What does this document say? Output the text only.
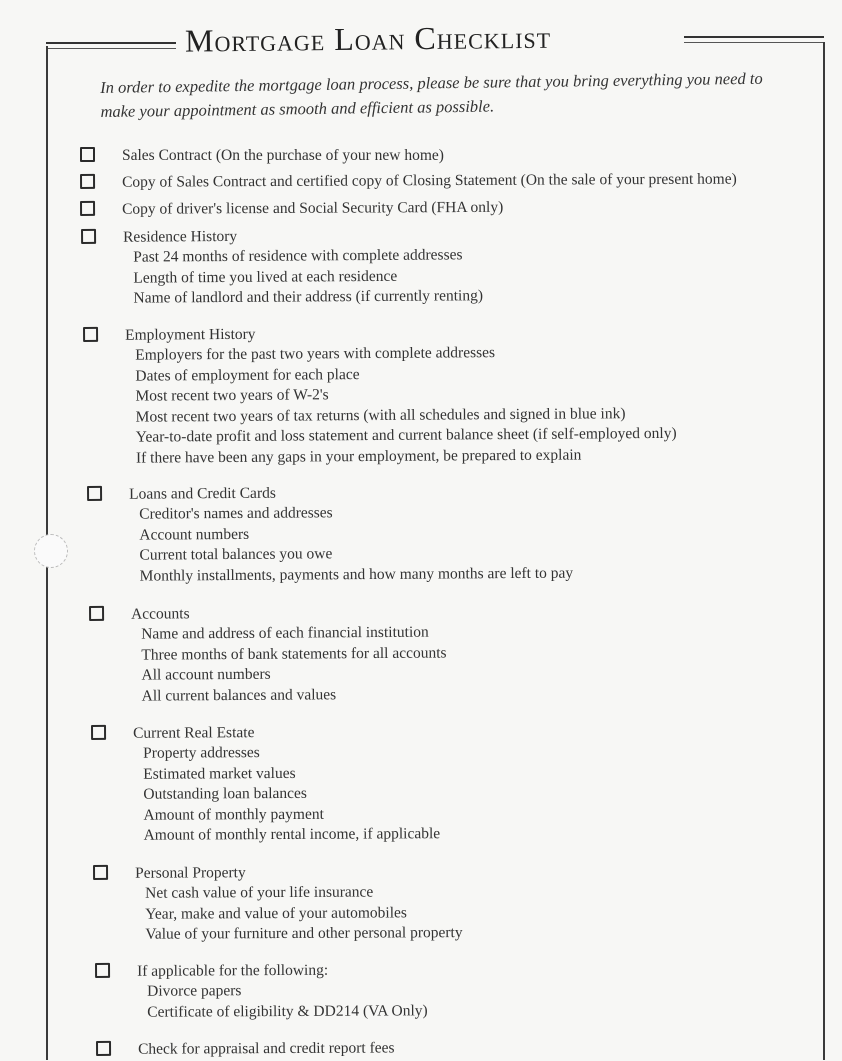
Mortgage Loan Checklist
In order to expedite the mortgage loan process, please be sure that you bring everything you need to make your appointment as smooth and efficient as possible.
Sales Contract (On the purchase of your new home)
Copy of Sales Contract and certified copy of Closing Statement (On the sale of your present home)
Copy of driver's license and Social Security Card (FHA only)
Residence History
Past 24 months of residence with complete addresses
Length of time you lived at each residence
Name of landlord and their address (if currently renting)
Employment History
Employers for the past two years with complete addresses
Dates of employment for each place
Most recent two years of W-2's
Most recent two years of tax returns (with all schedules and signed in blue ink)
Year-to-date profit and loss statement and current balance sheet (if self-employed only)
If there have been any gaps in your employment, be prepared to explain
Loans and Credit Cards
Creditor's names and addresses
Account numbers
Current total balances you owe
Monthly installments, payments and how many months are left to pay
Accounts
Name and address of each financial institution
Three months of bank statements for all accounts
All account numbers
All current balances and values
Current Real Estate
Property addresses
Estimated market values
Outstanding loan balances
Amount of monthly payment
Amount of monthly rental income, if applicable
Personal Property
Net cash value of your life insurance
Year, make and value of your automobiles
Value of your furniture and other personal property
If applicable for the following:
Divorce papers
Certificate of eligibility & DD214 (VA Only)
Check for appraisal and credit report fees
